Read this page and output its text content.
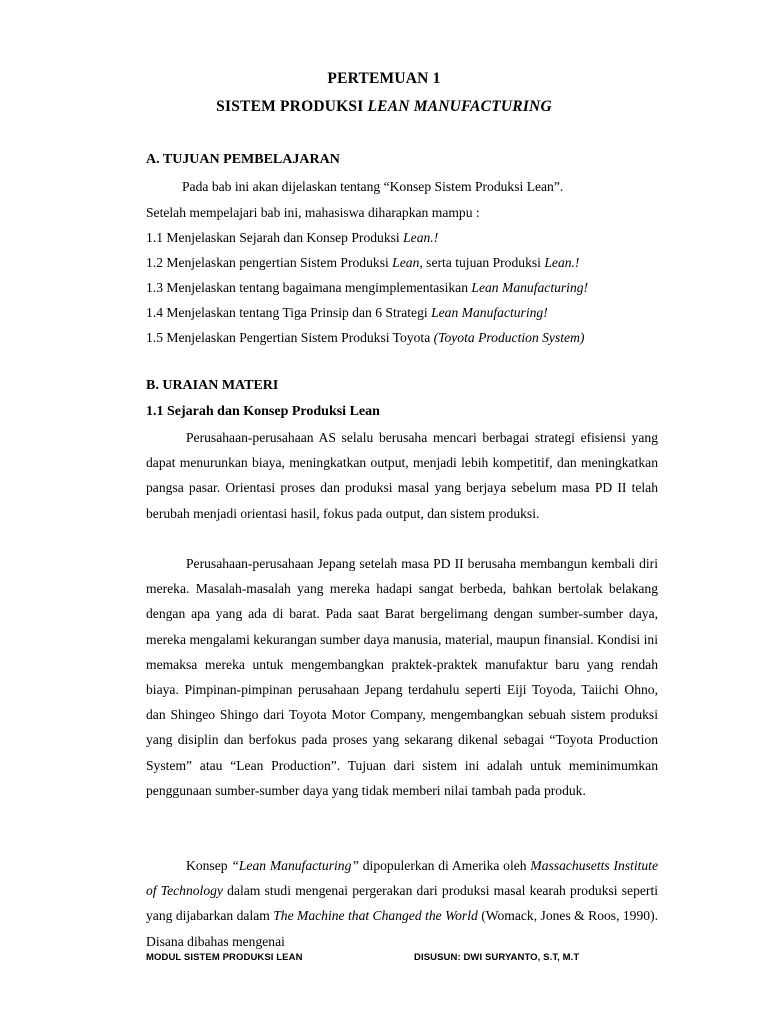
PERTEMUAN 1
SISTEM PRODUKSI LEAN MANUFACTURING
A. TUJUAN PEMBELAJARAN
Pada bab ini akan dijelaskan tentang “Konsep Sistem Produksi Lean”.
Setelah mempelajari bab ini, mahasiswa diharapkan mampu :
1.1 Menjelaskan Sejarah dan Konsep Produksi Lean.!
1.2 Menjelaskan pengertian Sistem Produksi Lean, serta tujuan Produksi Lean.!
1.3 Menjelaskan tentang bagaimana mengimplementasikan Lean Manufacturing!
1.4 Menjelaskan tentang Tiga Prinsip dan 6 Strategi Lean Manufacturing!
1.5 Menjelaskan Pengertian Sistem Produksi Toyota (Toyota Production System)
B. URAIAN MATERI
1.1 Sejarah dan Konsep Produksi Lean
Perusahaan-perusahaan AS selalu berusaha mencari berbagai strategi efisiensi yang dapat menurunkan biaya, meningkatkan output, menjadi lebih kompetitif, dan meningkatkan pangsa pasar. Orientasi proses dan produksi masal yang berjaya sebelum masa PD II telah berubah menjadi orientasi hasil, fokus pada output, dan sistem produksi.
Perusahaan-perusahaan Jepang setelah masa PD II berusaha membangun kembali diri mereka. Masalah-masalah yang mereka hadapi sangat berbeda, bahkan bertolak belakang dengan apa yang ada di barat. Pada saat Barat bergelimang dengan sumber-sumber daya, mereka mengalami kekurangan sumber daya manusia, material, maupun finansial. Kondisi ini memaksa mereka untuk mengembangkan praktek-praktek manufaktur baru yang rendah biaya. Pimpinan-pimpinan perusahaan Jepang terdahulu seperti Eiji Toyoda, Taiichi Ohno, dan Shingeo Shingo dari Toyota Motor Company, mengembangkan sebuah sistem produksi yang disiplin dan berfokus pada proses yang sekarang dikenal sebagai “Toyota Production System” atau “Lean Production”. Tujuan dari sistem ini adalah untuk meminimumkan penggunaan sumber-sumber daya yang tidak memberi nilai tambah pada produk.
Konsep “Lean Manufacturing” dipopulerkan di Amerika oleh Massachusetts Institute of Technology dalam studi mengenai pergerakan dari produksi masal kearah produksi seperti yang dijabarkan dalam The Machine that Changed the World (Womack, Jones & Roos, 1990). Disana dibahas mengenai
MODUL SISTEM PRODUKSI LEAN	DISUSUN: DWI SURYANTO, S.T, M.T
